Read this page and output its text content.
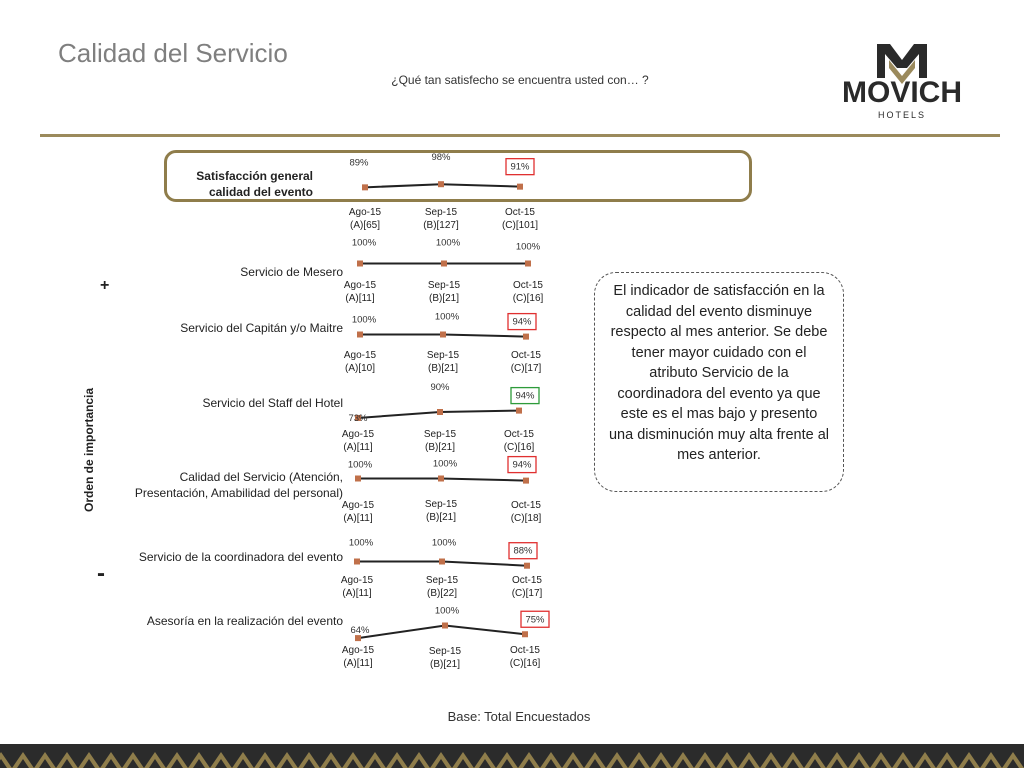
Calidad del Servicio
¿Qué tan satisfecho se encuentra usted con… ?	MOVICH
HOTELS
Satisfacción general
calidad del evento
Servicio de Mesero
Servicio del Capitán y/o Maitre
Servicio del Staff del Hotel
Calidad del Servicio (Atención,
Presentación, Amabilidad del personal)
Servicio de la coordinadora del evento
Asesoría en la realización del evento
Orden de importancia
+
-
89%
Ago-15
(A)[65]
98%
Sep-15
(B)[127]
91%
Oct-15
(C)[101]
100%
Ago-15
(A)[11]
100%
Sep-15
(B)[21]
100%
Oct-15
(C)[16]
100%
Ago-15
(A)[10]
100%
Sep-15
(B)[21]
94%
Oct-15
(C)[17]
73%
Ago-15
(A)[11]
90%
Sep-15
(B)[21]
94%
Oct-15
(C)[16]
100%
Ago-15
(A)[11]
100%
Sep-15
(B)[21]
94%
Oct-15
(C)[18]
100%
Ago-15
(A)[11]
100%
Sep-15
(B)[22]
88%
Oct-15
(C)[17]
64%
Ago-15
(A)[11]
100%
Sep-15
(B)[21]
75%
Oct-15
(C)[16]
El indicador de satisfacción en la calidad del evento disminuye respecto al mes anterior. Se debe tener mayor cuidado con el atributo Servicio de la coordinadora del evento ya que este es el mas bajo y presento una disminución muy alta frente al mes anterior.
Base: Total Encuestados
